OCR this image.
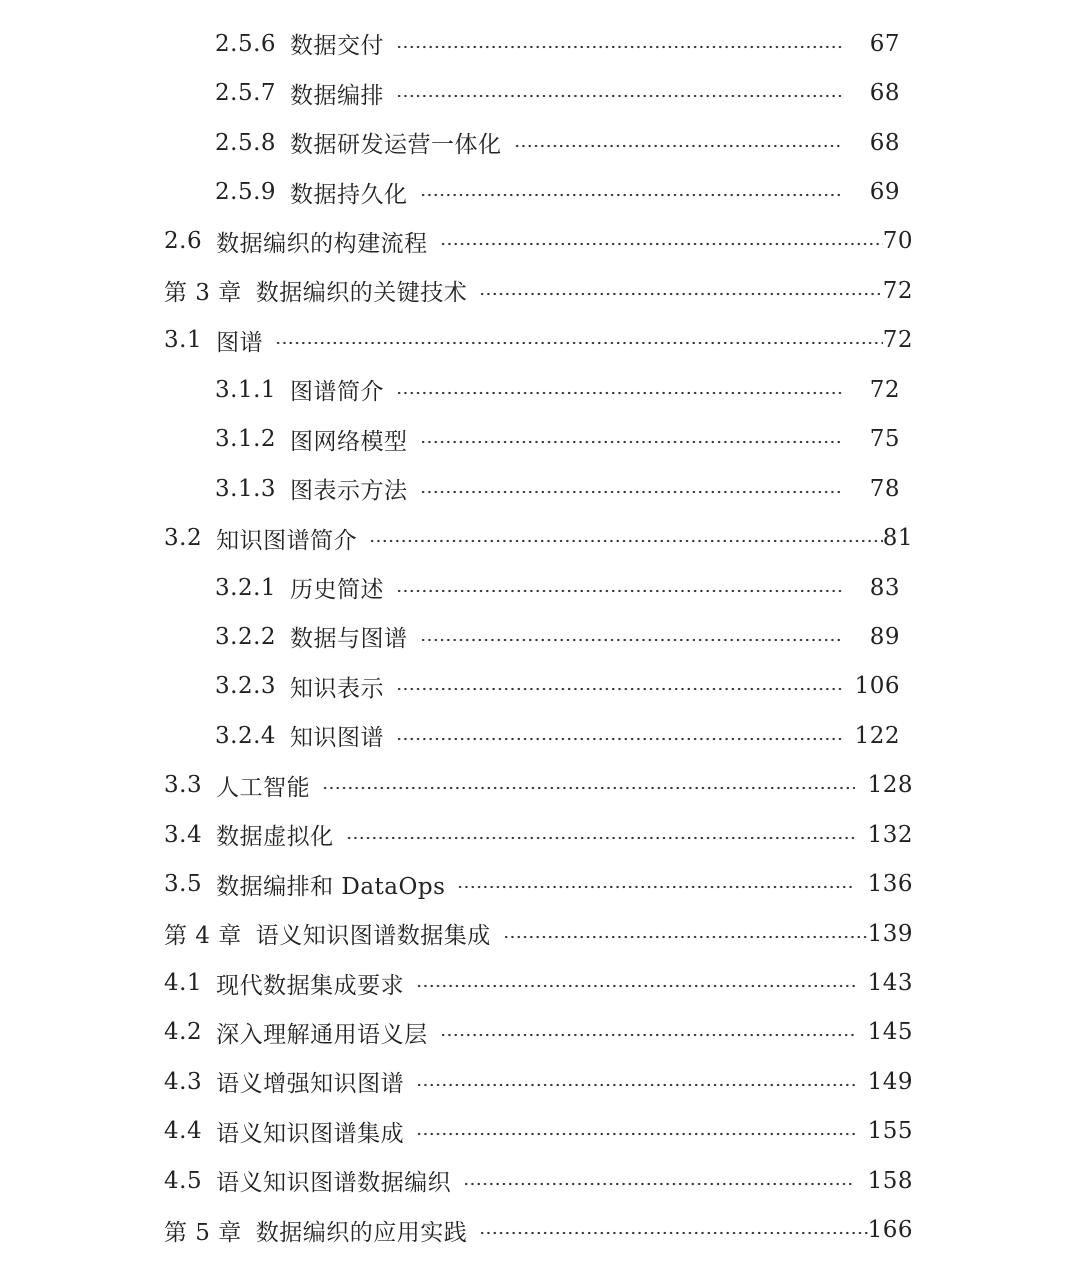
2.5.6 数据交付	67
2.5.7 数据编排	68
2.5.8 数据研发运营一体化	68
2.5.9 数据持久化	69
2.6 数据编织的构建流程	70
第 3 章 数据编织的关键技术	72
3.1 图谱	72
3.1.1 图谱简介	72
3.1.2 图网络模型	75
3.1.3 图表示方法	78
3.2 知识图谱简介	81
3.2.1 历史简述	83
3.2.2 数据与图谱	89
3.2.3 知识表示	106
3.2.4 知识图谱	122
3.3 人工智能	128
3.4 数据虚拟化	132
3.5 数据编排和 DataOps	136
第 4 章 语义知识图谱数据集成	139
4.1 现代数据集成要求	143
4.2 深入理解通用语义层	145
4.3 语义增强知识图谱	149
4.4 语义知识图谱集成	155
4.5 语义知识图谱数据编织	158
第 5 章 数据编织的应用实践	166
